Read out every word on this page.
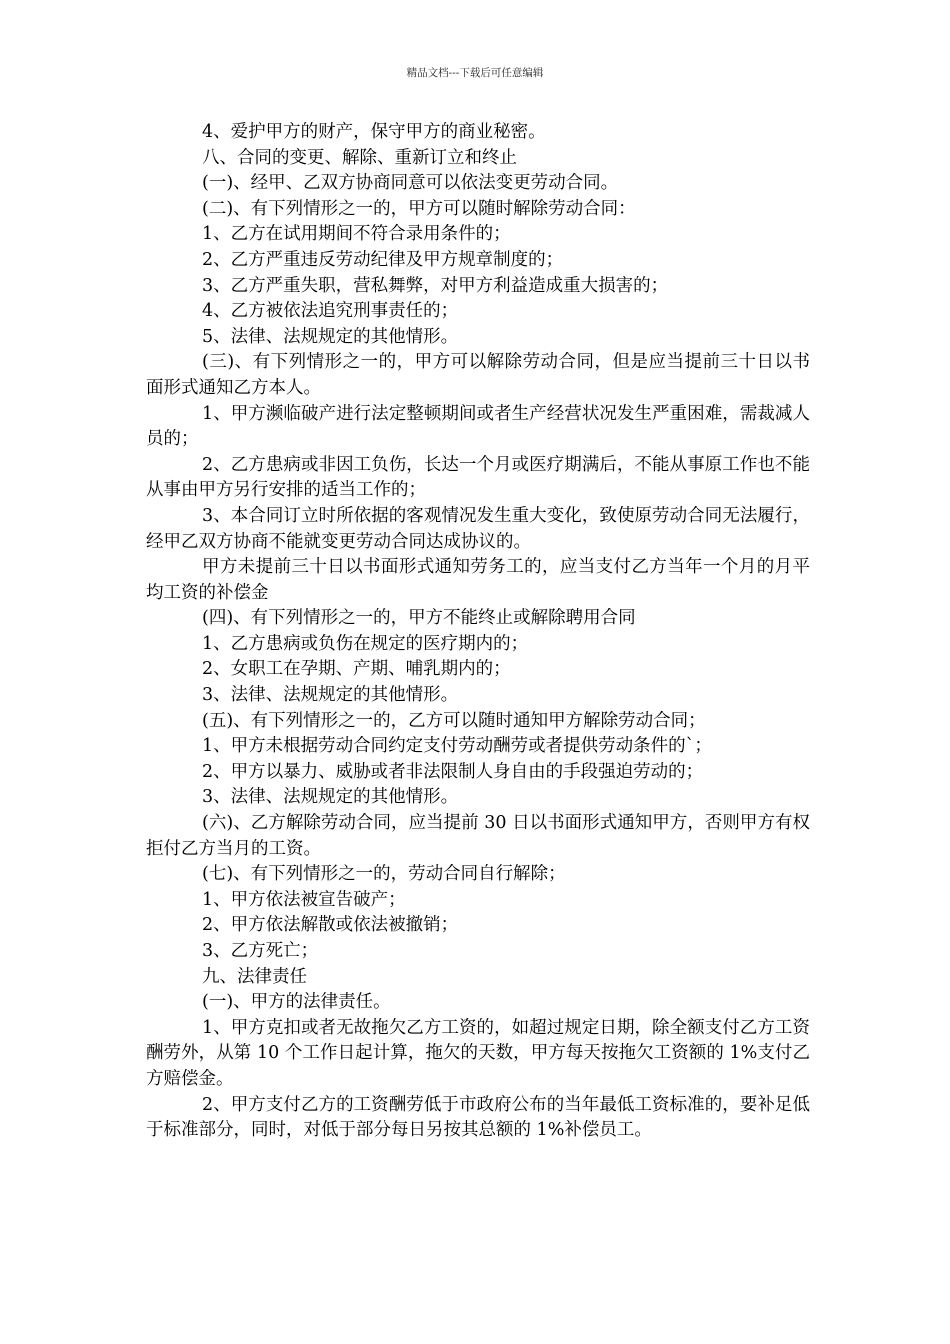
精品文档---下载后可任意编辑

4、爱护甲方的财产，保守甲方的商业秘密。

八、合同的变更、解除、重新订立和终止

(一)、经甲、乙双方协商同意可以依法变更劳动合同。

(二)、有下列情形之一的，甲方可以随时解除劳动合同：

1、乙方在试用期间不符合录用条件的；

2、乙方严重违反劳动纪律及甲方规章制度的；

3、乙方严重失职，营私舞弊，对甲方利益造成重大损害的；

4、乙方被依法追究刑事责任的；

5、法律、法规规定的其他情形。

(三)、有下列情形之一的，甲方可以解除劳动合同，但是应当提前三十日以书面形式通知乙方本人。

1、甲方濒临破产进行法定整顿期间或者生产经营状况发生严重困难，需裁减人员的；

2、乙方患病或非因工负伤，长达一个月或医疗期满后，不能从事原工作也不能从事由甲方另行安排的适当工作的；

3、本合同订立时所依据的客观情况发生重大变化，致使原劳动合同无法履行，经甲乙双方协商不能就变更劳动合同达成协议的。

甲方未提前三十日以书面形式通知劳务工的，应当支付乙方当年一个月的月平均工资的补偿金

(四)、有下列情形之一的，甲方不能终止或解除聘用合同

1、乙方患病或负伤在规定的医疗期内的；

2、女职工在孕期、产期、哺乳期内的；

3、法律、法规规定的其他情形。

(五)、有下列情形之一的，乙方可以随时通知甲方解除劳动合同；

1、甲方未根据劳动合同约定支付劳动酬劳或者提供劳动条件的`；

2、甲方以暴力、威胁或者非法限制人身自由的手段强迫劳动的；

3、法律、法规规定的其他情形。

(六)、乙方解除劳动合同，应当提前 30 日以书面形式通知甲方，否则甲方有权拒付乙方当月的工资。

(七)、有下列情形之一的，劳动合同自行解除；

1、甲方依法被宣告破产；

2、甲方依法解散或依法被撤销；

3、乙方死亡；

九、法律责任

(一)、甲方的法律责任。

1、甲方克扣或者无故拖欠乙方工资的，如超过规定日期，除全额支付乙方工资酬劳外，从第 10 个工作日起计算，拖欠的天数，甲方每天按拖欠工资额的 1%支付乙方赔偿金。

2、甲方支付乙方的工资酬劳低于市政府公布的当年最低工资标准的，要补足低于标准部分，同时，对低于部分每日另按其总额的 1%补偿员工。
